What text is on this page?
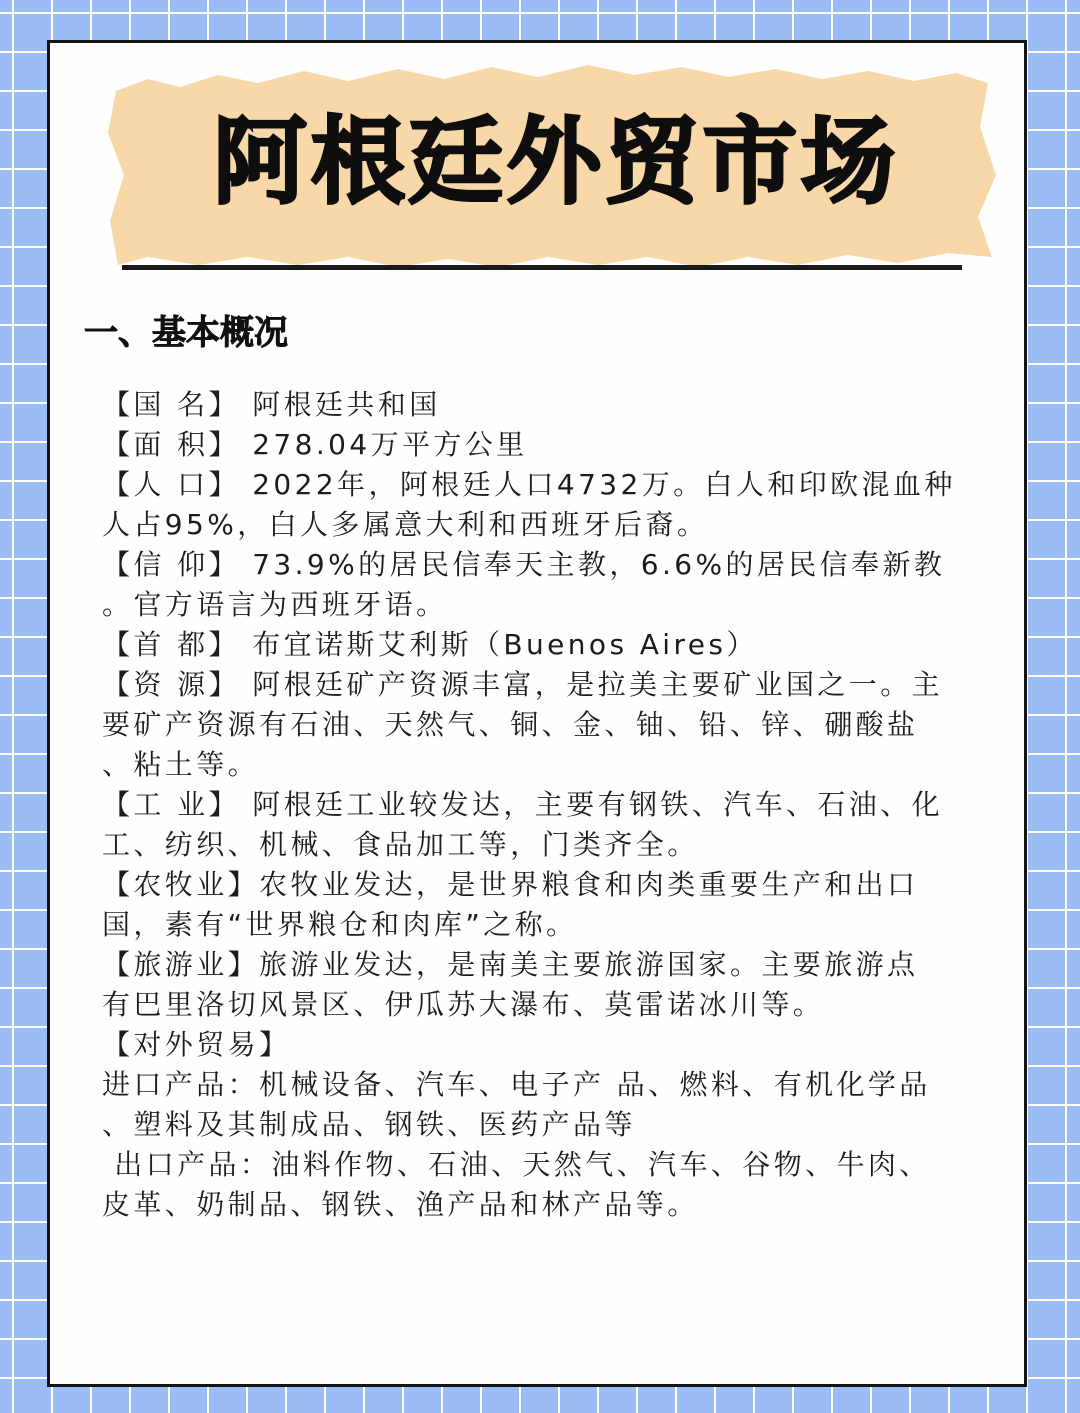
阿根廷外贸市场
一、基本概况
【国 名】 阿根廷共和国
【面 积】 278.04万平方公里
【人 口】 2022年，阿根廷人口4732万。白人和印欧混血种
人占95%，白人多属意大利和西班牙后裔。
【信 仰】 73.9%的居民信奉天主教，6.6%的居民信奉新教
。官方语言为西班牙语。
【首 都】 布宜诺斯艾利斯（Buenos Aires）
【资 源】 阿根廷矿产资源丰富，是拉美主要矿业国之一。主
要矿产资源有石油、天然气、铜、金、铀、铅、锌、硼酸盐
、粘土等。
【工 业】 阿根廷工业较发达，主要有钢铁、汽车、石油、化
工、纺织、机械、食品加工等，门类齐全。
【农牧业】农牧业发达，是世界粮食和肉类重要生产和出口
国，素有“世界粮仓和肉库”之称。
【旅游业】旅游业发达，是南美主要旅游国家。主要旅游点
有巴里洛切风景区、伊瓜苏大瀑布、莫雷诺冰川等。
【对外贸易】
进口产品：机械设备、汽车、电子产 品、燃料、有机化学品
、塑料及其制成品、钢铁、医药产品等
出口产品：油料作物、石油、天然气、汽车、谷物、牛肉、
皮革、奶制品、钢铁、渔产品和林产品等。
